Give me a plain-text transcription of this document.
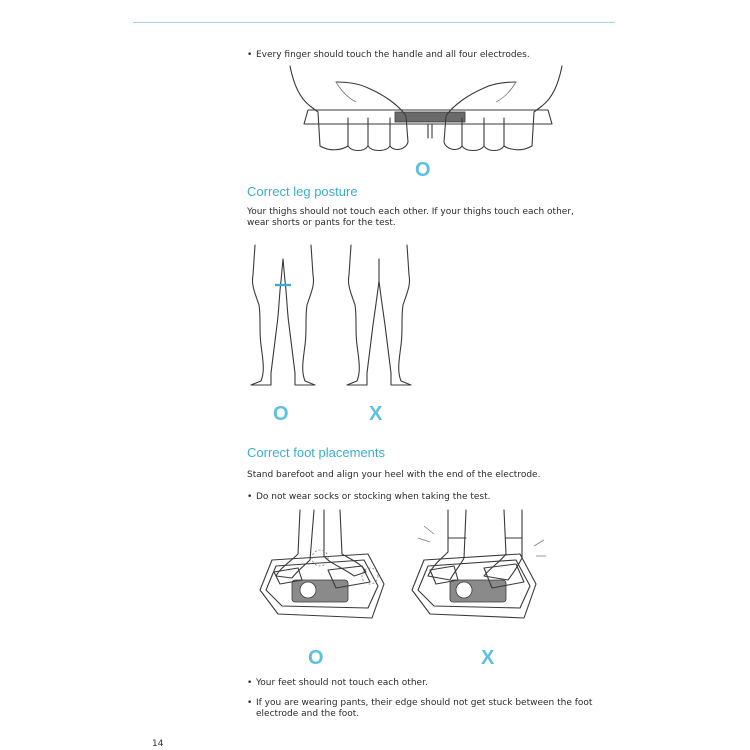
• Every finger should touch the handle and all four electrodes.
O
Correct leg posture
Your thighs should not touch each other. If your thighs touch each other, wear shorts or pants for the test.
O	X
Correct foot placements
Stand barefoot and align your heel with the end of the electrode.
• Do not wear socks or stocking when taking the test.
O	X
• Your feet should not touch each other.
• If you are wearing pants, their edge should not get stuck between the foot electrode and the foot.
14
